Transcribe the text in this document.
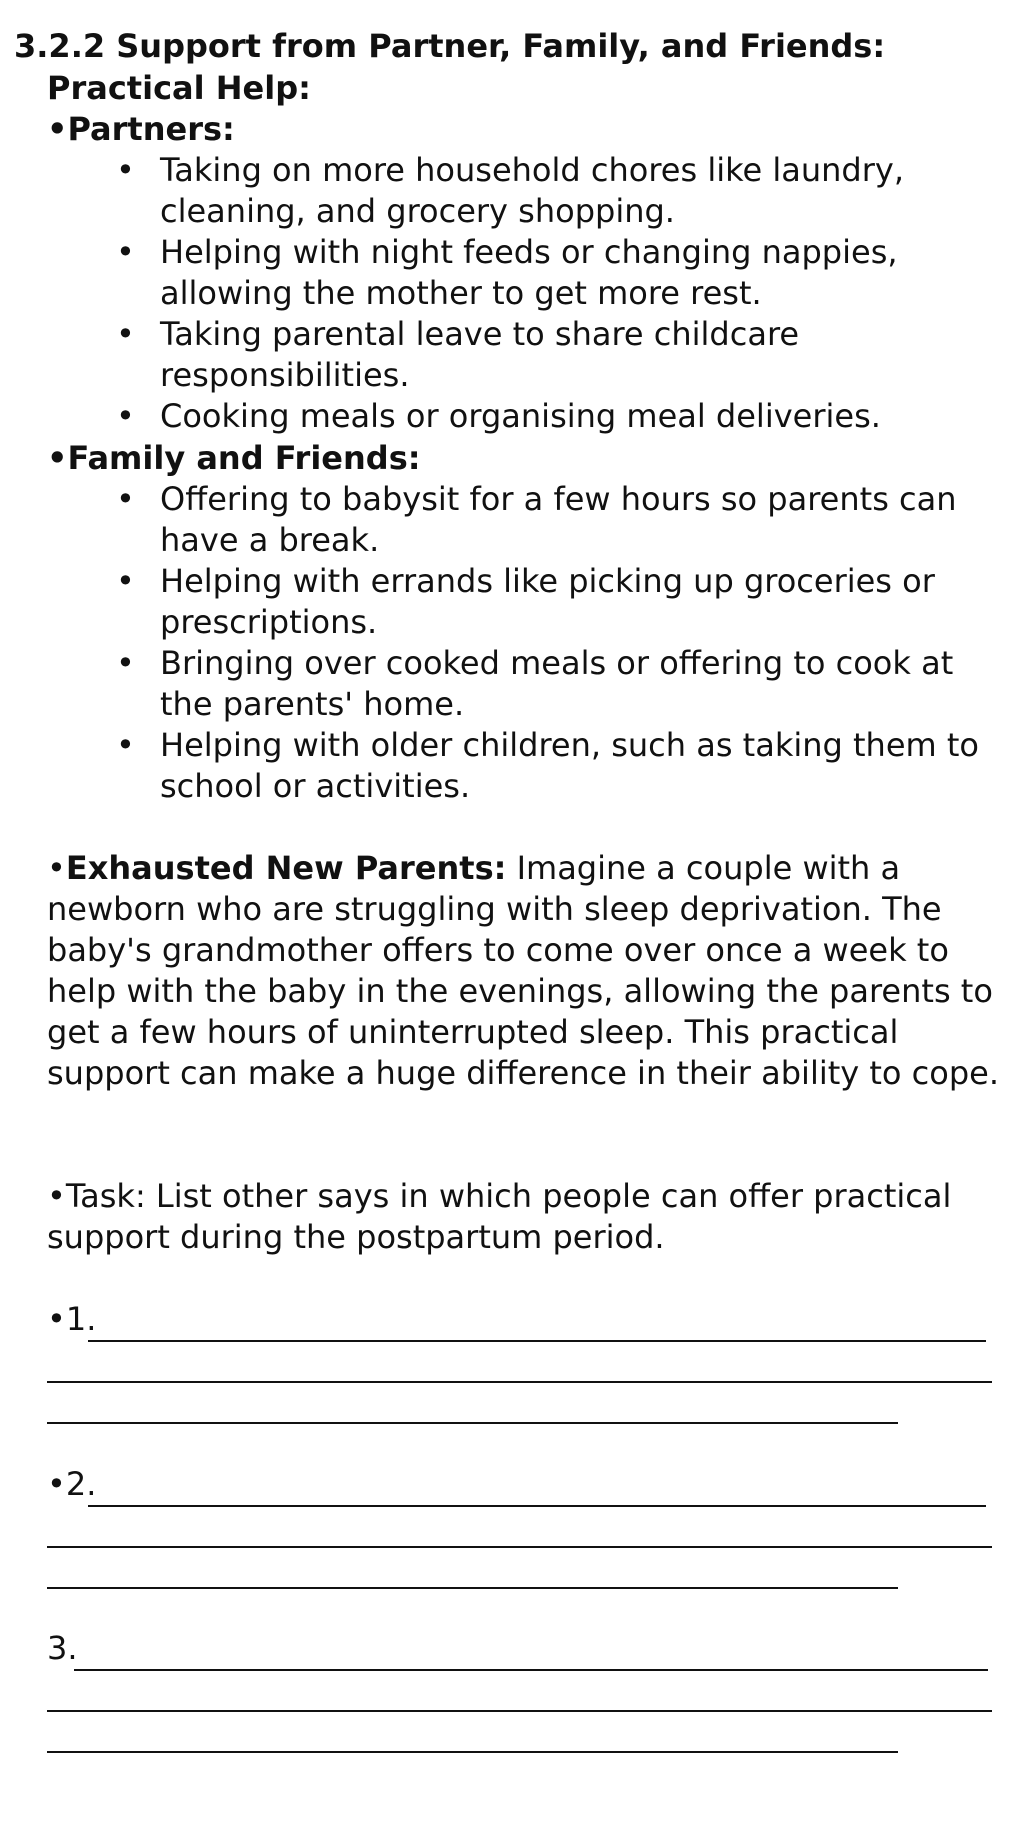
3.2.2 Support from Partner, Family, and Friends:
Practical Help:
•Partners:
• Taking on more household chores like laundry, cleaning, and grocery shopping.
• Helping with night feeds or changing nappies, allowing the mother to get more rest.
• Taking parental leave to share childcare responsibilities.
• Cooking meals or organising meal deliveries.
•Family and Friends:
• Offering to babysit for a few hours so parents can have a break.
• Helping with errands like picking up groceries or prescriptions.
• Bringing over cooked meals or offering to cook at the parents' home.
• Helping with older children, such as taking them to school or activities.

•Exhausted New Parents: Imagine a couple with a newborn who are struggling with sleep deprivation. The baby's grandmother offers to come over once a week to help with the baby in the evenings, allowing the parents to get a few hours of uninterrupted sleep. This practical support can make a huge difference in their ability to cope.

•Task: List other says in which people can offer practical support during the postpartum period.

•1.
•2.
3.
